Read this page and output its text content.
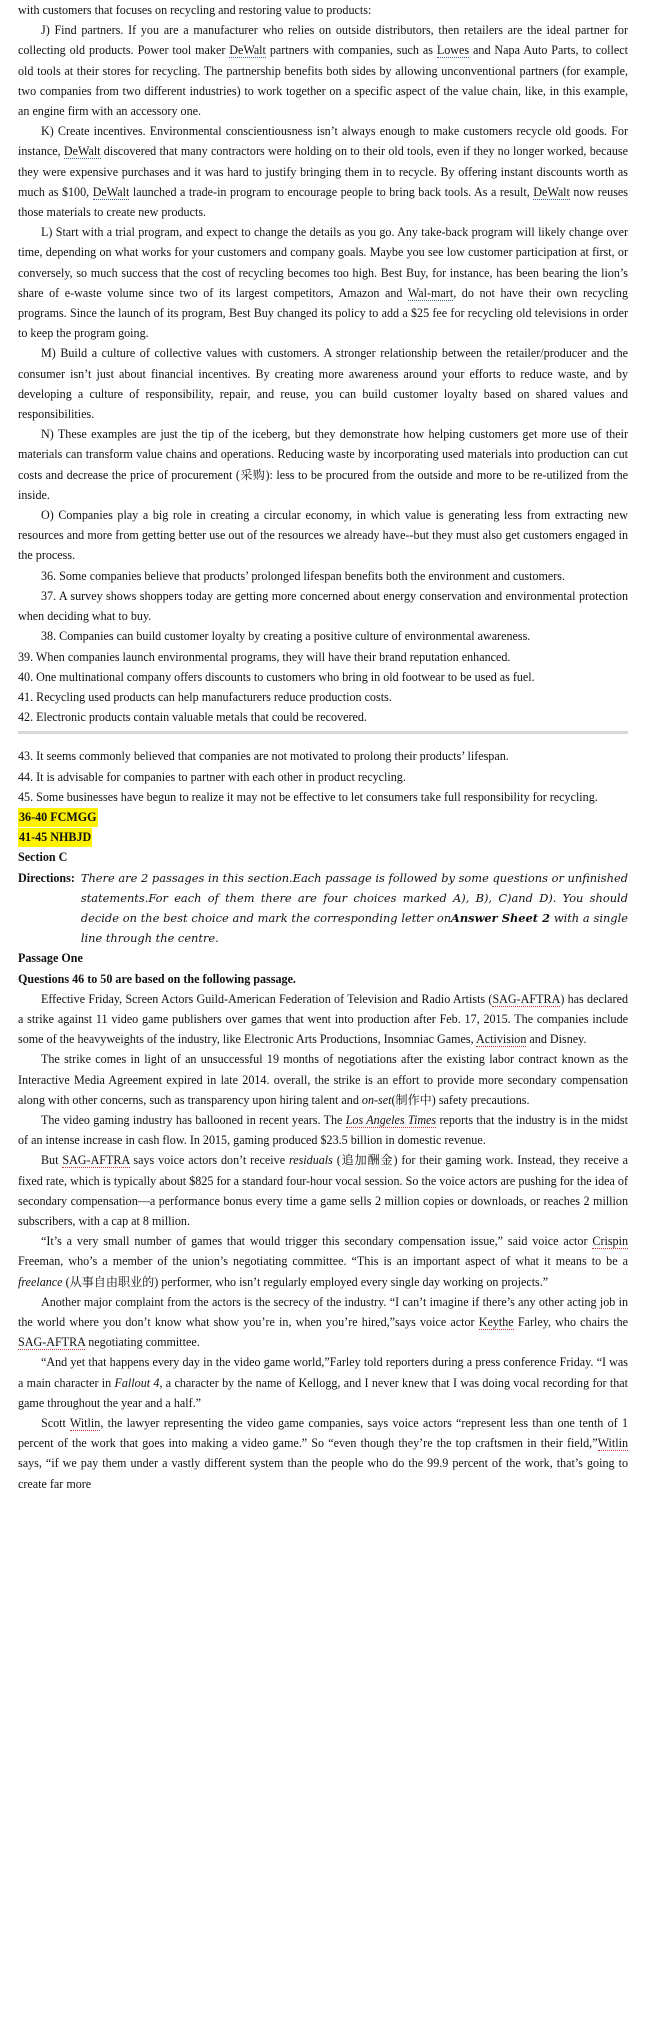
with customers that focuses on recycling and restoring value to products:

J) Find partners. If you are a manufacturer who relies on outside distributors, then retailers are the ideal partner for collecting old products. Power tool maker DeWalt partners with companies, such as Lowes and Napa Auto Parts, to collect old tools at their stores for recycling. The partnership benefits both sides by allowing unconventional partners (for example, two companies from two different industries) to work together on a specific aspect of the value chain, like, in this example, an engine firm with an accessory one.

K) Create incentives. Environmental conscientiousness isn’t always enough to make customers recycle old goods. For instance, DeWalt discovered that many contractors were holding on to their old tools, even if they no longer worked, because they were expensive purchases and it was hard to justify bringing them in to recycle. By offering instant discounts worth as much as $100, DeWalt launched a trade-in program to encourage people to bring back tools. As a result, DeWalt now reuses those materials to create new products.

L) Start with a trial program, and expect to change the details as you go. Any take-back program will likely change over time, depending on what works for your customers and company goals. Maybe you see low customer participation at first, or conversely, so much success that the cost of recycling becomes too high. Best Buy, for instance, has been bearing the lion’s share of e-waste volume since two of its largest competitors, Amazon and Wal-mart, do not have their own recycling programs. Since the launch of its program, Best Buy changed its policy to add a $25 fee for recycling old televisions in order to keep the program going.

M) Build a culture of collective values with customers. A stronger relationship between the retailer/producer and the consumer isn’t just about financial incentives. By creating more awareness around your efforts to reduce waste, and by developing a culture of responsibility, repair, and reuse, you can build customer loyalty based on shared values and responsibilities.

N) These examples are just the tip of the iceberg, but they demonstrate how helping customers get more use of their materials can transform value chains and operations. Reducing waste by incorporating used materials into production can cut costs and decrease the price of procurement (采购): less to be procured from the outside and more to be re-utilized from the inside.

O) Companies play a big role in creating a circular economy, in which value is generating less from extracting new resources and more from getting better use out of the resources we already have--but they must also get customers engaged in the process.

36. Some companies believe that products’ prolonged lifespan benefits both the environment and customers.

37. A survey shows shoppers today are getting more concerned about energy conservation and environmental protection when deciding what to buy.

38. Companies can build customer loyalty by creating a positive culture of environmental awareness.

39. When companies launch environmental programs, they will have their brand reputation enhanced.

40. One multinational company offers discounts to customers who bring in old footwear to be used as fuel.

41. Recycling used products can help manufacturers reduce production costs.

42. Electronic products contain valuable metals that could be recovered.

43. It seems commonly believed that companies are not motivated to prolong their products’ lifespan.

44. It is advisable for companies to partner with each other in product recycling.

45. Some businesses have begun to realize it may not be effective to let consumers take full responsibility for recycling.

36-40 FCMGG

41-45 NHBJD

Section C

Directions: There are 2 passages in this section.Each passage is followed by some questions or unfinished statements.For each of them there are four choices marked A), B), C)and D). You should decide on the best choice and mark the corresponding letter onAnswer Sheet 2 with a single line through the centre.

Passage One

Questions 46 to 50 are based on the following passage.

Effective Friday, Screen Actors Guild-American Federation of Television and Radio Artists (SAG-AFTRA) has declared a strike against 11 video game publishers over games that went into production after Feb. 17, 2015. The companies include some of the heavyweights of the industry, like Electronic Arts Productions, Insomniac Games, Activision and Disney.

The strike comes in light of an unsuccessful 19 months of negotiations after the existing labor contract known as the Interactive Media Agreement expired in late 2014. overall, the strike is an effort to provide more secondary compensation along with other concerns, such as transparency upon hiring talent and on-set(制作中) safety precautions.

The video gaming industry has ballooned in recent years. The Los Angeles Times reports that the industry is in the midst of an intense increase in cash flow. In 2015, gaming produced $23.5 billion in domestic revenue.

But SAG-AFTRA says voice actors don’t receive residuals (追加酬金) for their gaming work. Instead, they receive a fixed rate, which is typically about $825 for a standard four-hour vocal session. So the voice actors are pushing for the idea of secondary compensation—a performance bonus every time a game sells 2 million copies or downloads, or reaches 2 million subscribers, with a cap at 8 million.

“It’s a very small number of games that would trigger this secondary compensation issue,” said voice actor Crispin Freeman, who’s a member of the union’s negotiating committee. “This is an important aspect of what it means to be a freelance (从事自由职业的) performer, who isn’t regularly employed every single day working on projects.”

Another major complaint from the actors is the secrecy of the industry. “I can’t imagine if there’s any other acting job in the world where you don’t know what show you’re in, when you’re hired,”says voice actor Keythe Farley, who chairs the SAG-AFTRA negotiating committee.

“And yet that happens every day in the video game world,”Farley told reporters during a press conference Friday. “I was a main character in Fallout 4, a character by the name of Kellogg, and I never knew that I was doing vocal recording for that game throughout the year and a half.”

Scott Witlin, the lawyer representing the video game companies, says voice actors “represent less than one tenth of 1 percent of the work that goes into making a video game.” So “even though they’re the top craftsmen in their field,”Witlin says, “if we pay them under a vastly different system than the people who do the 99.9 percent of the work, that’s going to create far more
